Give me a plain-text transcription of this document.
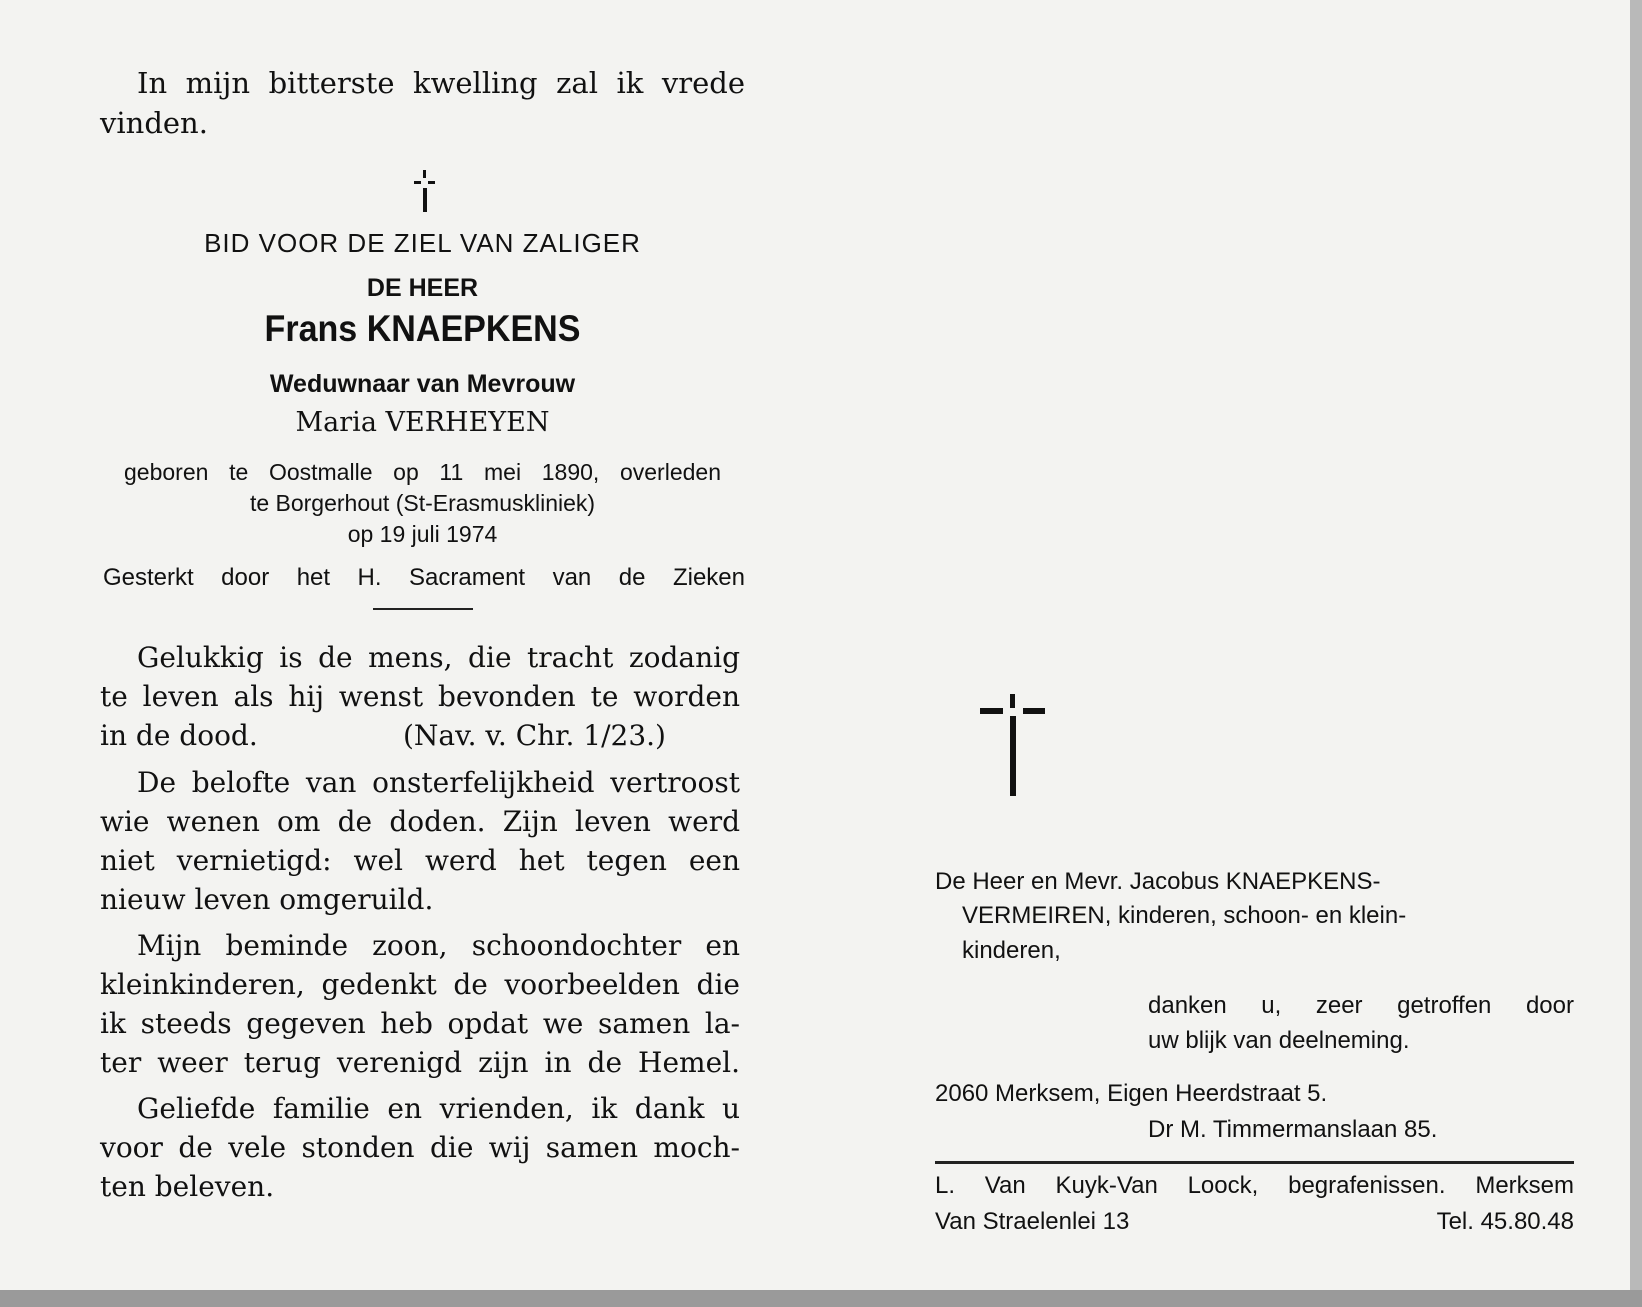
In mijn bitterste kwelling zal ik vrede
vinden.
BID VOOR DE ZIEL VAN ZALIGER
DE HEER
Frans KNAEPKENS
Weduwnaar van Mevrouw
Maria VERHEYEN
geboren te Oostmalle op 11 mei 1890, overleden
te Borgerhout (St-Erasmuskliniek)
op 19 juli 1974
Gesterkt door het H. Sacrament van de Zieken
Gelukkig is de mens, die tracht zodanig
te leven als hij wenst bevonden te worden
in de dood.	(Nav. v. Chr. 1/23.)
De belofte van onsterfelijkheid vertroost
wie wenen om de doden. Zijn leven werd
niet vernietigd: wel werd het tegen een
nieuw leven omgeruild.
Mijn beminde zoon, schoondochter en
kleinkinderen, gedenkt de voorbeelden die
ik steeds gegeven heb opdat we samen la-
ter weer terug verenigd zijn in de Hemel.
Geliefde familie en vrienden, ik dank u
voor de vele stonden die wij samen moch-
ten beleven.
De Heer en Mevr. Jacobus KNAEPKENS-
VERMEIREN, kinderen, schoon- en klein-
kinderen,
danken u, zeer getroffen door
uw blijk van deelneming.
2060 Merksem, Eigen Heerdstraat 5.
Dr M. Timmermanslaan 85.
L. Van Kuyk-Van Loock, begrafenissen. Merksem
Van Straelenlei 13	Tel. 45.80.48
